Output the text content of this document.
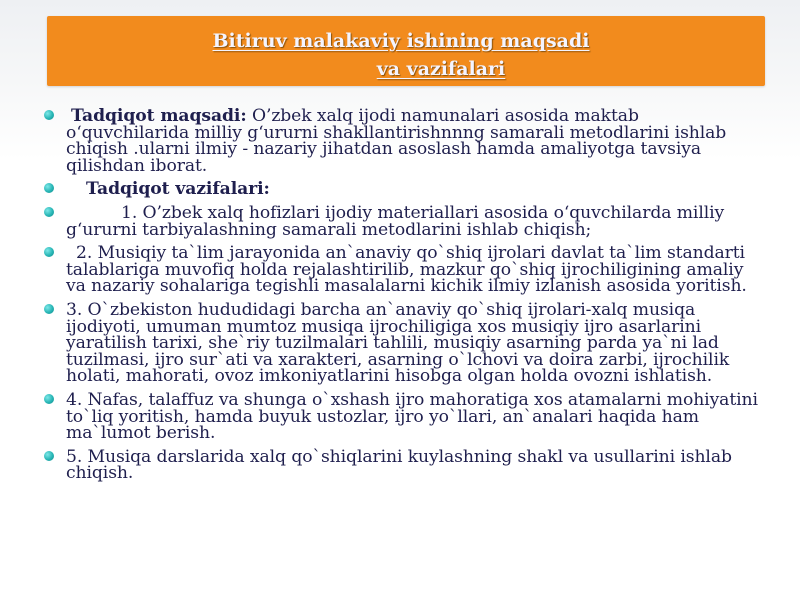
Bitiruv malakaviy ishining maqsadi
va vazifalari
Tadqiqot maqsadi: O’zbek xalq ijodi namunalari asosida maktab o‘quvchilarida milliy g‘ururni shakllantirishnnng samarali metodlarini ishlab chiqish .ularni ilmiy - nazariy jihatdan asoslash hamda amaliyotga tavsiya qilishdan iborat.
Tadqiqot vazifalari:
1. O’zbek xalq hofizlari ijodiy materiallari asosida o‘quvchilarda milliy g‘ururni tarbiyalashning samarali metodlarini ishlab chiqish;
2. Musiqiy ta`lim jarayonida an`anaviy qo`shiq ijrolari davlat ta`lim standarti talablariga muvofiq holda rejalashtirilib, mazkur qo`shiq ijrochiligining amaliy va nazariy sohalariga tegishli masalalarni kichik ilmiy izlanish asosida yoritish.
3. O`zbekiston hududidagi barcha an`anaviy qo`shiq ijrolari-xalq musiqa ijodiyoti, umuman mumtoz musiqa ijrochiligiga xos musiqiy ijro asarlarini yaratilish tarixi, she`riy tuzilmalari tahlili, musiqiy asarning parda ya`ni lad tuzilmasi, ijro sur`ati va xarakteri, asarning o`lchovi va doira zarbi, ijrochilik holati, mahorati, ovoz imkoniyatlarini hisobga olgan holda ovozni ishlatish.
4. Nafas, talaffuz va shunga o`xshash ijro mahoratiga xos atamalarni mohiyatini to`liq yoritish, hamda buyuk ustozlar, ijro yo`llari, an`analari haqida ham ma`lumot berish.
5. Musiqa darslarida xalq qo`shiqlarini kuylashning shakl va usullarini ishlab chiqish.
